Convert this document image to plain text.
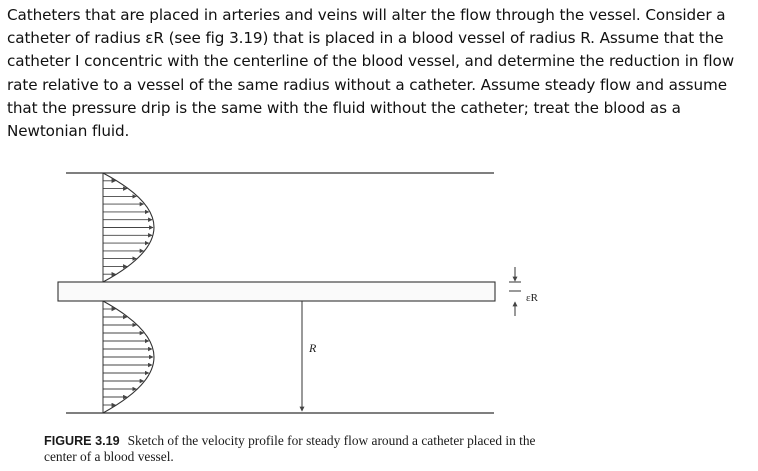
Catheters that are placed in arteries and veins will alter the flow through the vessel. Consider a catheter of radius εR (see fig 3.19) that is placed in a blood vessel of radius R. Assume that the catheter I concentric with the centerline of the blood vessel, and determine the reduction in flow rate relative to a vessel of the same radius without a catheter. Assume steady flow and assume that the pressure drip is the same with the fluid without the catheter; treat the blood as a Newtonian fluid.

R
εR

FIGURE 3.19 Sketch of the velocity profile for steady flow around a catheter placed in the center of a blood vessel.
